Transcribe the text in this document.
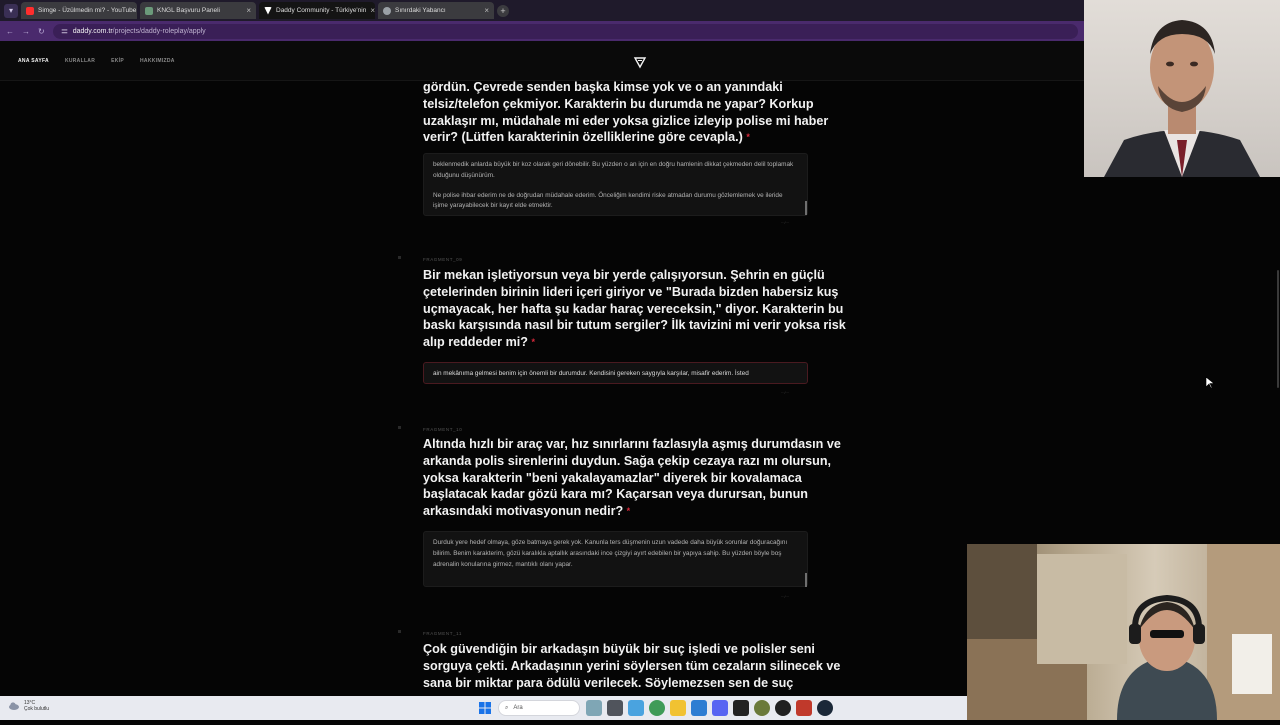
▾	Simge - Üzülmedin mi? - YouTube	KNGL Başvuru Paneli	×	Daddy Community - Türkiye'nin ×	Sınırdaki Yabancı	×	+
← → ↻	daddy.com.tr/projects/daddy-roleplay/apply
ANA SAYFA	KURALLAR	EKİP	HAKKIMIZDA
gördün. Çevrede senden başka kimse yok ve o an yanındaki telsiz/telefon çekmiyor. Karakterin bu durumda ne yapar? Korkup uzaklaşır mı, müdahale mi eder yoksa gizlice izleyip polise mi haber verir? (Lütfen karakterinin özelliklerine göre cevapla.) *

beklenmedik anlarda büyük bir koz olarak geri dönebilir. Bu yüzden o an için en doğru hamlenin dikkat çekmeden delil toplamak olduğunu düşünürüm.

Ne polise ihbar ederim ne de doğrudan müdahale ederim. Önceliğim kendimi riske atmadan durumu gözlemlemek ve ileride işime yarayabilecek bir kayıt elde etmektir.

···/···
FRAGMENT_09
Bir mekan işletiyorsun veya bir yerde çalışıyorsun. Şehrin en güçlü çetelerinden birinin lideri içeri giriyor ve "Burada bizden habersiz kuş uçmayacak, her hafta şu kadar haraç vereceksin," diyor. Karakterin bu baskı karşısında nasıl bir tutum sergiler? İlk tavizini mi verir yoksa risk alıp reddeder mi? *
ain mekânıma gelmesi benim için önemli bir durumdur. Kendisini gereken saygıyla karşılar, misafir ederim. İsted
···/···
FRAGMENT_10
Altında hızlı bir araç var, hız sınırlarını fazlasıyla aşmış durumdasın ve arkanda polis sirenlerini duydun. Sağa çekip cezaya razı mı olursun, yoksa karakterin "beni yakalayamazlar" diyerek bir kovalamaca başlatacak kadar gözü kara mı? Kaçarsan veya durursan, bunun arkasındaki motivasyonun nedir? *

Durduk yere hedef olmaya, göze batmaya gerek yok. Kanunla ters düşmenin uzun vadede daha büyük sorunlar doğuracağını bilirim. Benim karakterim, gözü karalıkla aptallık arasındaki ince çizgiyi ayırt edebilen bir yapıya sahip. Bu yüzden böyle boş adrenalin konularına girmez, mantıklı olanı yapar.

···/···
FRAGMENT_11
Çok güvendiğin bir arkadaşın büyük bir suç işledi ve polisler seni sorguya çekti. Arkadaşının yerini söylersen tüm cezaların silinecek ve sana bir miktar para ödülü verilecek. Söylemezsen sen de suç
13°C
Çok bulutlu	⌕ Ara
